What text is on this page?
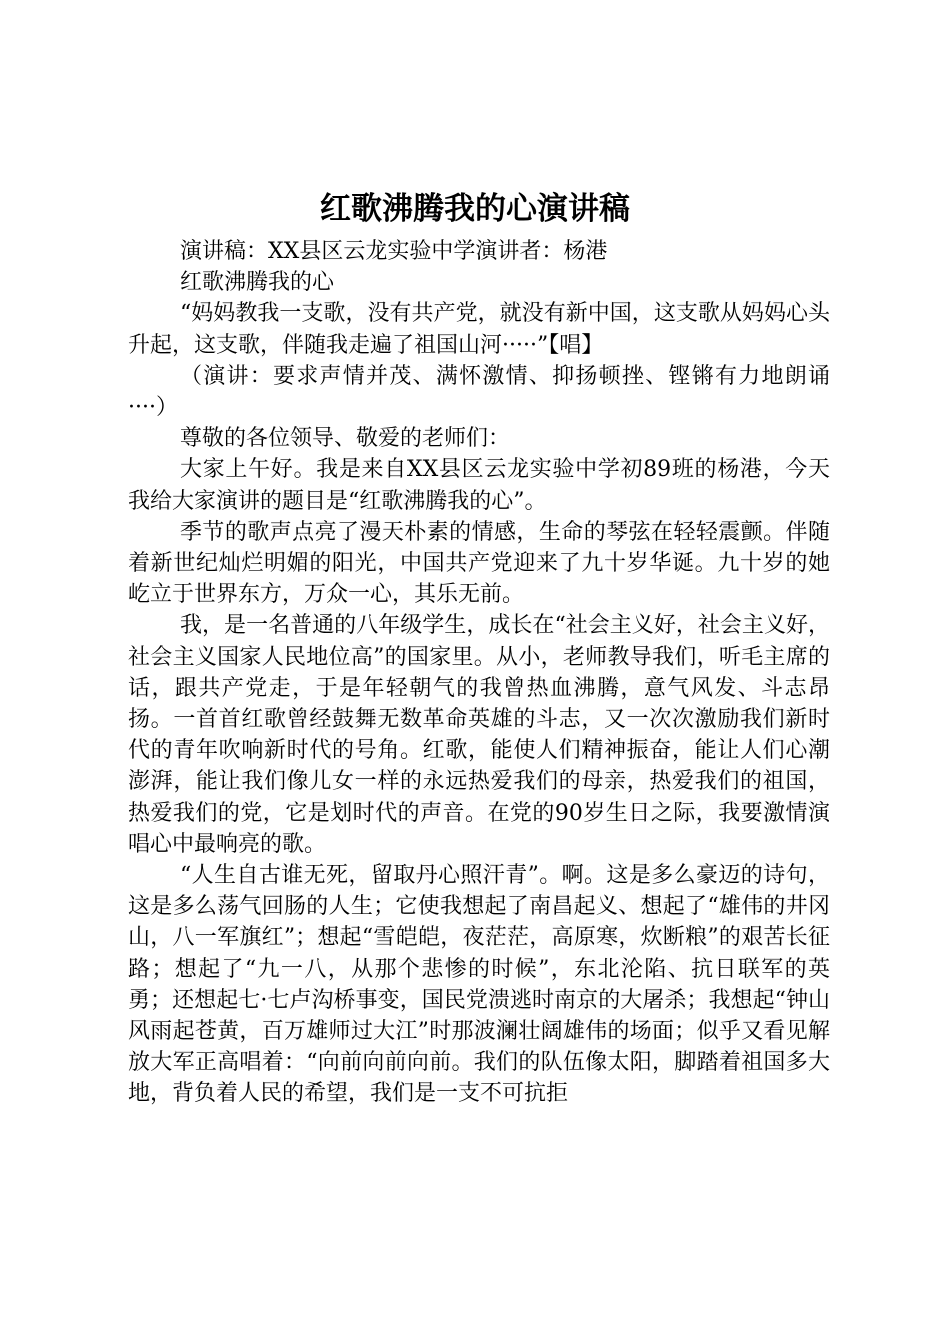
红歌沸腾我的心演讲稿

演讲稿：XX县区云龙实验中学演讲者：杨港

红歌沸腾我的心

“妈妈教我一支歌，没有共产党，就没有新中国，这支歌从妈妈心头升起，这支歌，伴随我走遍了祖国山河·····”【唱】

（演讲：要求声情并茂、满怀激情、抑扬顿挫、铿锵有力地朗诵····）

尊敬的各位领导、敬爱的老师们：

大家上午好。我是来自XX县区云龙实验中学初89班的杨港，今天我给大家演讲的题目是“红歌沸腾我的心”。

季节的歌声点亮了漫天朴素的情感，生命的琴弦在轻轻震颤。伴随着新世纪灿烂明媚的阳光，中国共产党迎来了九十岁华诞。九十岁的她屹立于世界东方，万众一心，其乐无前。

我，是一名普通的八年级学生，成长在“社会主义好，社会主义好，社会主义国家人民地位高”的国家里。从小，老师教导我们，听毛主席的话，跟共产党走，于是年轻朝气的我曾热血沸腾，意气风发、斗志昂扬。一首首红歌曾经鼓舞无数革命英雄的斗志，又一次次激励我们新时代的青年吹响新时代的号角。红歌，能使人们精神振奋，能让人们心潮澎湃，能让我们像儿女一样的永远热爱我们的母亲，热爱我们的祖国，热爱我们的党，它是划时代的声音。在党的90岁生日之际，我要激情演唱心中最响亮的歌。

“人生自古谁无死，留取丹心照汗青”。啊。这是多么豪迈的诗句，这是多么荡气回肠的人生；它使我想起了南昌起义、想起了“雄伟的井冈山，八一军旗红”；想起“雪皑皑，夜茫茫，高原寒，炊断粮”的艰苦长征路；想起了“九一八，从那个悲惨的时候”，东北沦陷、抗日联军的英勇；还想起七·七卢沟桥事变，国民党溃逃时南京的大屠杀；我想起“钟山风雨起苍黄，百万雄师过大江”时那波澜壮阔雄伟的场面；似乎又看见解放大军正高唱着：“向前向前向前。我们的队伍像太阳，脚踏着祖国多大地，背负着人民的希望，我们是一支不可抗拒
